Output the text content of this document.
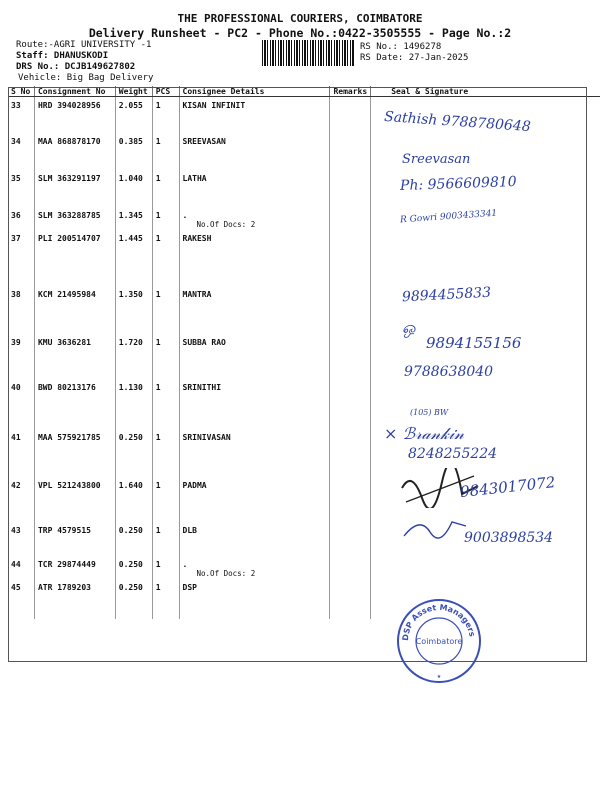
THE PROFESSIONAL COURIERS, COIMBATORE
Delivery Runsheet - PC2 - Phone No.:0422-3505555 - Page No.:2
Route:-AGRI UNIVERSITY -1
Staff: DHANUSKODI
DRS No.: DCJB149627802
Vehicle: Big Bag Delivery
RS No.: 1496278
RS Date: 27-Jan-2025
S No	Consignment No	Weight	PCS	Consignee Details	Remarks	Seal & Signature
33	HRD 394028956	2.055	1	KISAN INFINIT		
34	MAA 868878170	0.385	1	SREEVASAN		
35	SLM 363291197	1.040	1	LATHA		
36	SLM 363288785	1.345	1	.
No.Of Docs: 2		

37	PLI 200514707	1.445	1	RAKESH		
38	KCM 21495984	1.350	1	MANTRA		
39	KMU 3636281	1.720	1	SUBBA RAO		
40	BWD 80213176	1.130	1	SRINITHI		
41	MAA 575921785	0.250	1	SRINIVASAN		
42	VPL 521243800	1.640	1	PADMA		
43	TRP 4579515	0.250	1	DLB		
44	TCR 29874449	0.250	1	.
No.Of Docs: 2		

45	ATR 1789203	0.250	1	DSP		
Sathish 9788780648
Sreevasan
Ph: 9566609810
R Gowri 9003433341
9894455833
ஒ
9894155156
9788638040
(105) BW
× ℬ𝓇𝒶𝓃𝓀𝒾𝓃
8248255224
9843017072
9003898534
DSP Asset Managers
Coimbatore
★
